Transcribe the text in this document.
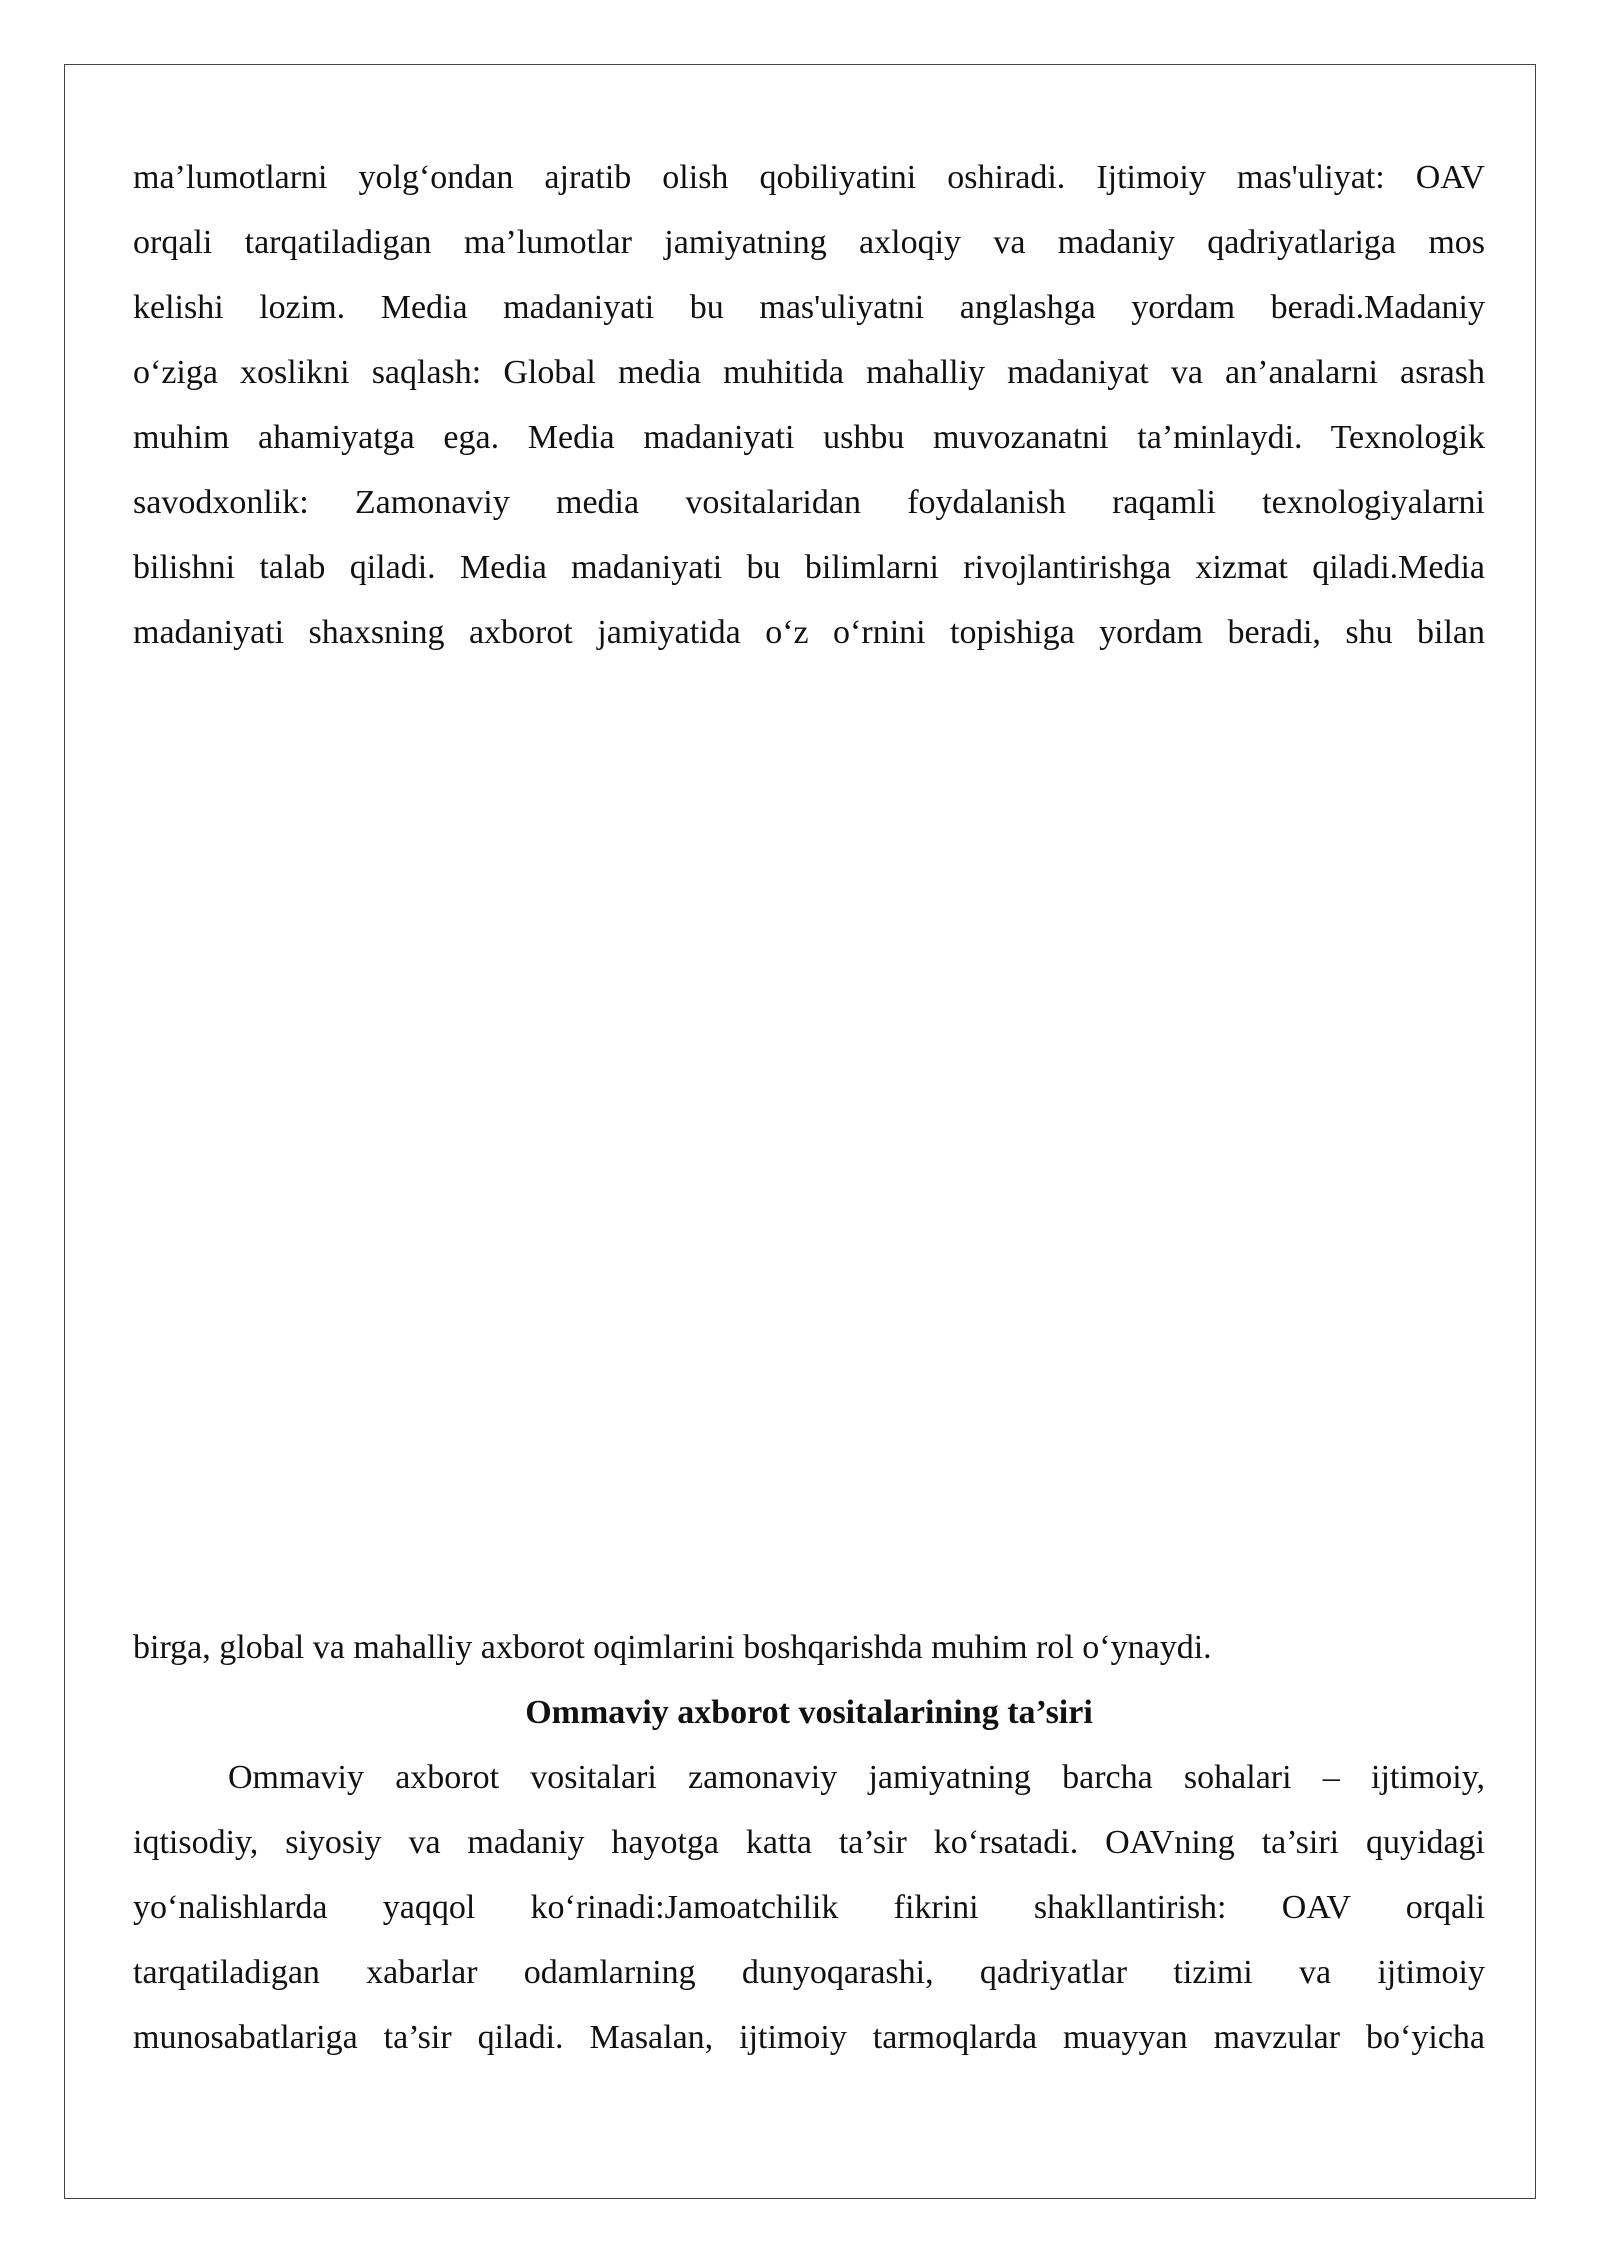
ma’lumotlarni yolg‘ondan ajratib olish qobiliyatini oshiradi. Ijtimoiy mas'uliyat: OAV
orqali tarqatiladigan ma’lumotlar jamiyatning axloqiy va madaniy qadriyatlariga mos
kelishi lozim. Media madaniyati bu mas'uliyatni anglashga yordam beradi.Madaniy
o‘ziga xoslikni saqlash: Global media muhitida mahalliy madaniyat va an’analarni asrash
muhim ahamiyatga ega. Media madaniyati ushbu muvozanatni ta’minlaydi. Texnologik
savodxonlik: Zamonaviy media vositalaridan foydalanish raqamli texnologiyalarni
bilishni talab qiladi. Media madaniyati bu bilimlarni rivojlantirishga xizmat qiladi.Media
madaniyati shaxsning axborot jamiyatida o‘z o‘rnini topishiga yordam beradi, shu bilan
birga, global va mahalliy axborot oqimlarini boshqarishda muhim rol o‘ynaydi.
Ommaviy axborot vositalarining ta’siri
Ommaviy axborot vositalari zamonaviy jamiyatning barcha sohalari – ijtimoiy,
iqtisodiy, siyosiy va madaniy hayotga katta ta’sir ko‘rsatadi. OAVning ta’siri quyidagi
yo‘nalishlarda yaqqol ko‘rinadi:Jamoatchilik fikrini shakllantirish: OAV orqali
tarqatiladigan xabarlar odamlarning dunyoqarashi, qadriyatlar tizimi va ijtimoiy
munosabatlariga ta’sir qiladi. Masalan, ijtimoiy tarmoqlarda muayyan mavzular bo‘yicha
